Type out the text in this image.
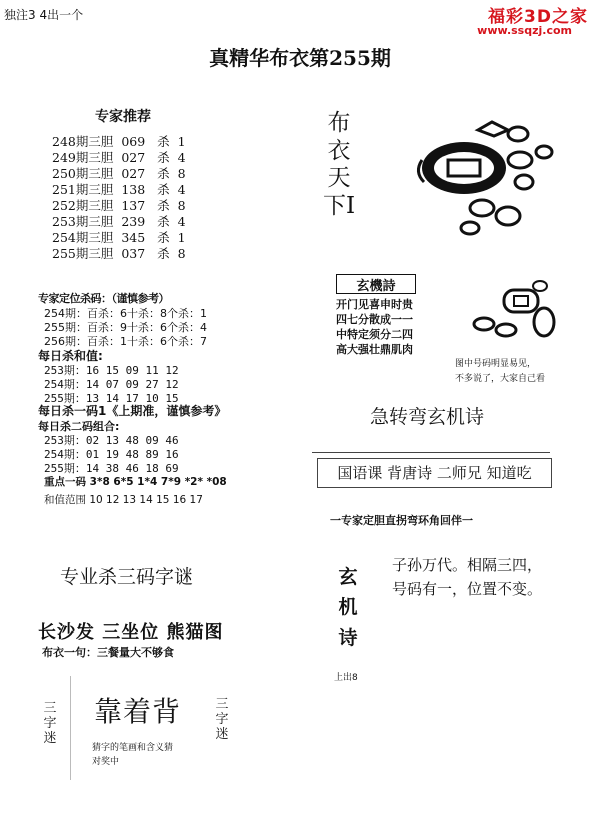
独注3 4出一个	福彩3D之家
www.ssqzj.com
真精华布衣第255期
专家推荐
248期三胆 069 杀 1
249期三胆 027 杀 4
250期三胆 027 杀 8
251期三胆 138 杀 4
252期三胆 137 杀 8
253期三胆 239 杀 4
254期三胆 345 杀 1
255期三胆 037 杀 8
专家定位杀码：（谨慎参考）
254期：百杀：6十杀：8个杀：1
255期：百杀：9十杀：6个杀：4
256期：百杀：1十杀：6个杀：7
每日杀和值:
253期：16 15 09 11 12
254期：14 07 09 27 12
255期：13 14 17 10 15
每日杀一码1《上期准，谨慎参考》
每日杀二码组合:
253期：02 13 48 09 46
254期：01 19 48 89 16
255期：14 38 46 18 69
重点一码 3*8 6*5 1*4 7*9 *2* *08
和值范围 10 12 13 14 15 16 17
专业杀三码字谜
长沙发 三坐位 熊猫图
布衣一句：三餐量大不够食
三字迷
靠着背	三字迷
猜字的笔画和含义猜
对奖中
布衣天下I
玄機詩
开门见喜申时贵
四七分散成一一
中特定须分二四
高大强壮鼎肌肉
图中号码明显易见，
不多说了，大家自己看
急转弯玄机诗
国语课 背唐诗 二师兄 知道吃
一专家定胆直拐弯环角回伴一
玄机诗
子孙万代。相隔三四，
号码有一，位置不变。
上出8
